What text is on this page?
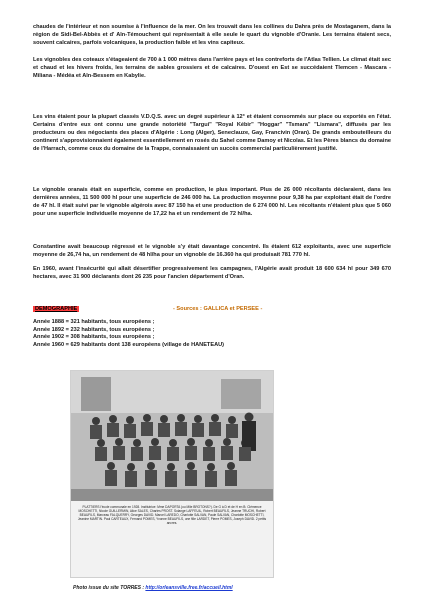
chaudes de l'intérieur et non soumise à l'influence de la mer. On les trouvait dans les collines du Dahra près de Mostaganem, dans la région de Sidi-Bel-Abbès et d' Aïn-Témouchent qui représentait à elle seule le quart du vignoble d'Oranie. Les terrains étaient secs, souvent calcaires, parfois volcaniques, la production faible et les vins capiteux.

Les vignobles des coteaux s'étageaient de 700 à 1 000 mètres dans l'arrière pays et les contreforts de l'Atlas Tellien. Le climat était sec et chaud et les hivers froids, les terrains de sables grossiers et de calcaires. D'ouest en Est se succédaient Tlemcen - Mascara -Miliana - Médéa et Aïn-Bessem en Kabylie.

Les vins étaient pour la plupart classés V.D.Q.S. avec un degré supérieur à 12° et étaient consommés sur place ou exportés en l'état. Certains d'entre eux ont connu une grande notoriété "Targui" "Royal Kébir" "Hoggar" "Tsmara" "Lismara", diffusés par les producteurs ou des négociants des places d'Algérie : Long (Alger), Seneclauze, Gay, Francivin (Oran). De grands embouteilleurs du continent s'approvisionnaient également essentiellement en rosés du Sahel comme Damoy et Nicolas. Et les Pères blancs du domaine de l'Harrach, comme ceux du domaine de la Trappe, connaissaient un succès commercial particulièrement justifié.

Le vignoble oranais était en superficie, comme en production, le plus important. Plus de 26 000 récoltants déclaraient, dans les dernières années, 11 500 000 hl pour une superficie de 246 000 ha. La production moyenne pour 9,38 ha par exploitant était de l'ordre de 47 hl. Il était suivi par le vignoble algérois avec 87 150 ha et une production de 6 274 000 hl. Les récoltants n'étaient plus que 5 060 pour une superficie individuelle moyenne de 17,22 ha et un rendement de 72 hl/ha.

Constantine avait beaucoup régressé et le vignoble s'y était davantage concentré. Ils étaient 612 exploitants, avec une superficie moyenne de 26,74 ha, un rendement de 48 hl/ha pour un vignoble de 16.360 ha qui produisait 781 770 hl.

En 1960, avant l'insécurité qui allait désertifier progressivement les campagnes, l'Algérie avait produit 18 600 634 hl pour 349 670 hectares, avec 31 900 déclarants dont 26 235 pour l'ancien département d'Oran.

DEMOGRAPHIE	- Sources : GALLICA et PERSEE -
Année 1888 = 321 habitants, tous européens ;
Année 1892 = 232 habitants, tous européens ;
Année 1902 = 308 habitants, tous européens ;
Année 1960 = 629 habitants dont 138 européens (village de HANETEAU)
PLATTIERS l'école communale en 1928. Institutrice: Mme DAPORTA (ou Mlle BROTONS?). De G à D et de H en B: Clémence MOSCHETTI, Nicole GUILLERMIN, Alice SALES, Charles PROST. Solange LAFFEUIL, Robert BEAUFILS, Jeanne TRUCHI, Robert BEAUFILS, Marceau FALQUERRY, Georges DAVID. Marcel LAREDO, Charlotte SALVAN, Paule SALVAN, Charlotte MOSCHETTI, Jeanine MARTIN. Paul CARTEAUX, Fernand POMES, Yvonne BEAUFILS, une fille LARDET, Pierre POMES, Joseph DAVID. 2 petits ancres.
Photo issue du site TORRES : http://orleansville.free.fr/accueil.html
